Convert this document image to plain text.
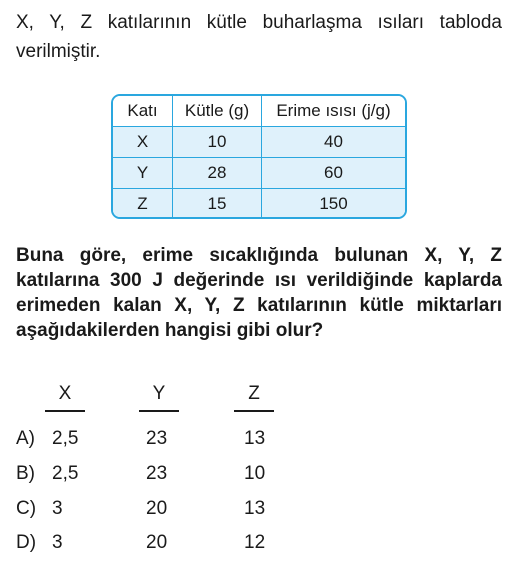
X, Y, Z katılarının kütle buharlaşma ısıları tabloda verilmiştir.
Katı	Kütle (g)	Erime ısısı (j/g)
X	10	40
Y	28	60
Z	15	150
Buna göre, erime sıcaklığında bulunan X, Y, Z katılarına 300 J değerinde ısı verildiğinde kaplarda erimeden kalan X, Y, Z katılarının kütle miktarları aşağıdakilerden hangisi gibi olur?
X	Y	Z
A) 2,5	23	13
B) 2,5	23	10
C) 3	20	13
D) 3	20	12
